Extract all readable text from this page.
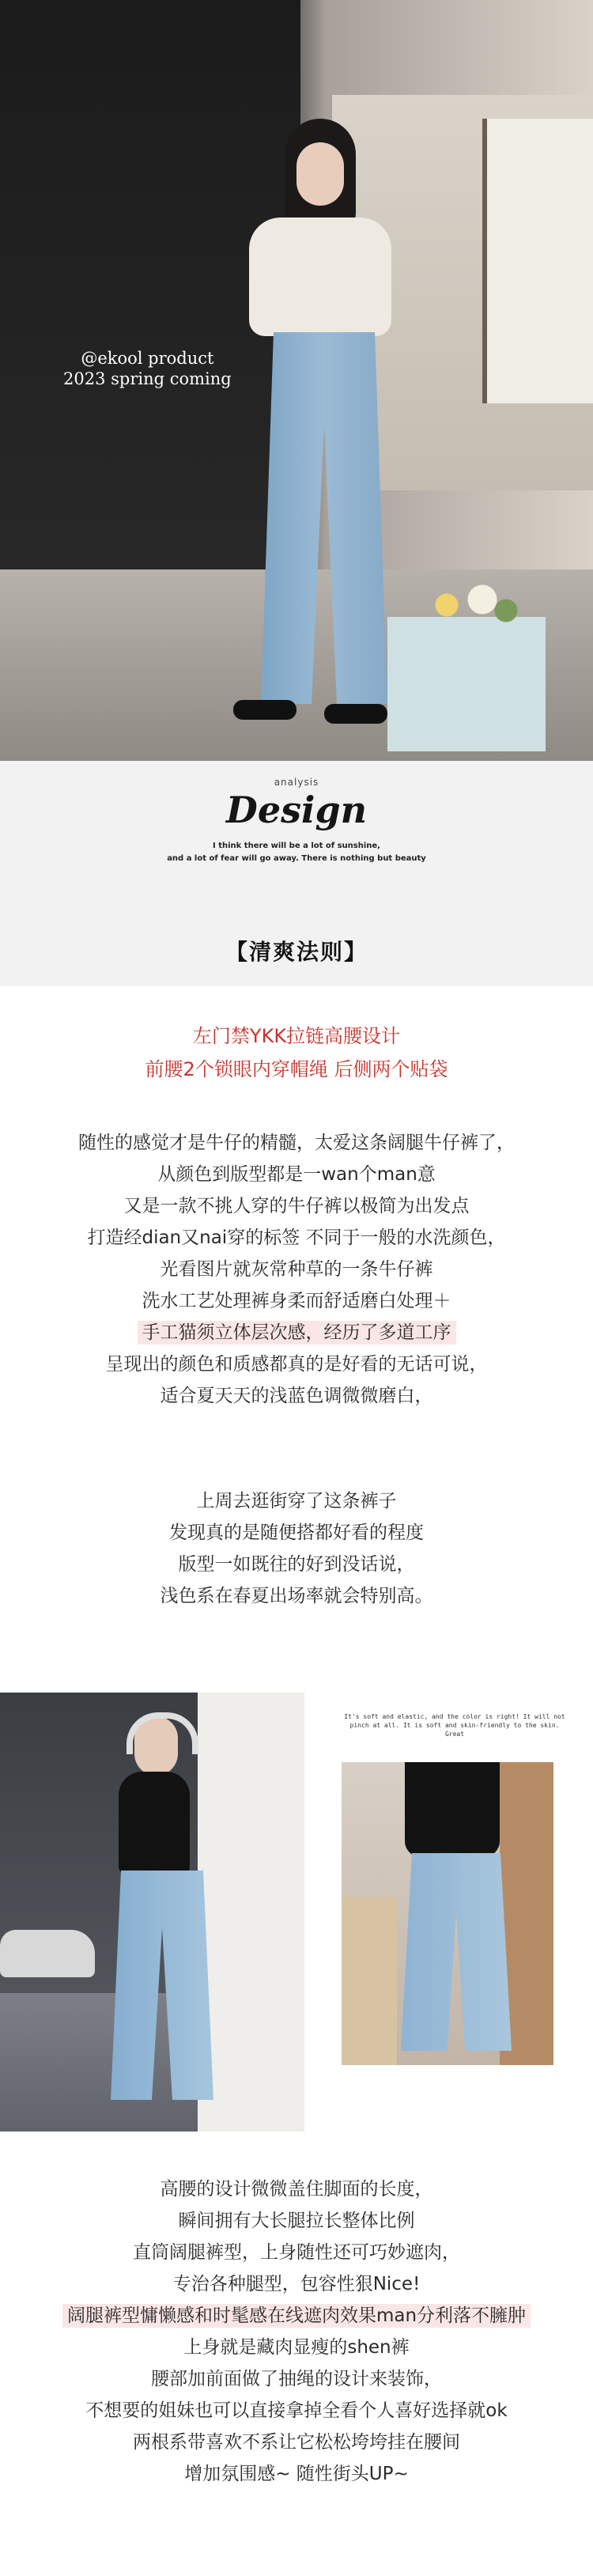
@ekool product
2023 spring coming
analysis
Design
I think there will be a lot of sunshine,
and a lot of fear will go away. There is nothing but beauty
【清爽法则】
左门禁YKK拉链高腰设计
前腰2个锁眼内穿帽绳 后侧两个贴袋
随性的感觉才是牛仔的精髓，太爱这条阔腿牛仔裤了，
从颜色到版型都是一wan个man意
又是一款不挑人穿的牛仔裤以极简为出发点
打造经dian又nai穿的标签 不同于一般的水洗颜色，
光看图片就灰常种草的一条牛仔裤
洗水工艺处理裤身柔而舒适磨白处理＋
手工猫须立体层次感，经历了多道工序
呈现出的颜色和质感都真的是好看的无话可说，
适合夏天天的浅蓝色调微微磨白，
上周去逛街穿了这条裤子
发现真的是随便搭都好看的程度
版型一如既往的好到没话说，
浅色系在春夏出场率就会特别高。
It's soft and elastic, and the color is right! It will not pinch at all. It is soft and skin-friendly to the skin. Great
高腰的设计微微盖住脚面的长度，
瞬间拥有大长腿拉长整体比例
直筒阔腿裤型，上身随性还可巧妙遮肉，
专治各种腿型，包容性狠Nice!
阔腿裤型慵懒感和时髦感在线遮肉效果man分利落不臃肿
上身就是藏肉显瘦的shen裤
腰部加前面做了抽绳的设计来装饰，
不想要的姐妹也可以直接拿掉全看个人喜好选择就ok
两根系带喜欢不系让它松松垮垮挂在腰间
增加氛围感~ 随性街头UP~
